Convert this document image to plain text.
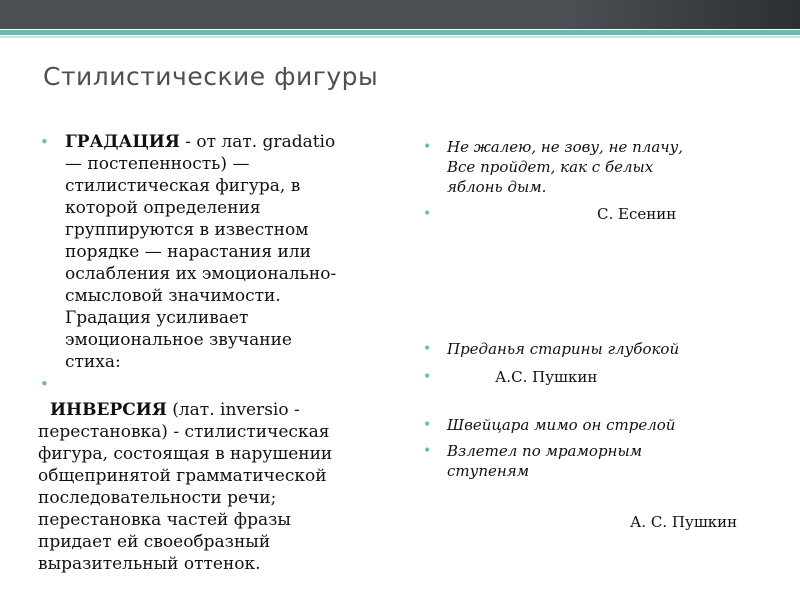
Стилистические фигуры
• ГРАДАЦИЯ - от лат. gradatio
— постепенность) —
стилистическая фигура, в
которой определения
группируются в известном
порядке — нарастания или
ослабления их эмоционально-
смысловой значимости.
Градация усиливает
эмоциональное звучание
стиха:
•
ИНВЕРСИЯ (лат. inversio -
перестановка) - стилистическая
фигура, состоящая в нарушении
общепринятой грамматической
последовательности речи;
перестановка частей фразы
придает ей своеобразный
выразительный оттенок.
• Не жалею, не зову, не плачу,
Все пройдет, как с белых
яблонь дым.
•	С. Есенин
• Преданья старины глубокой
•	А.С. Пушкин
• Швейцара мимо он стрелой
• Взлетел по мраморным
ступеням
А. С. Пушкин
